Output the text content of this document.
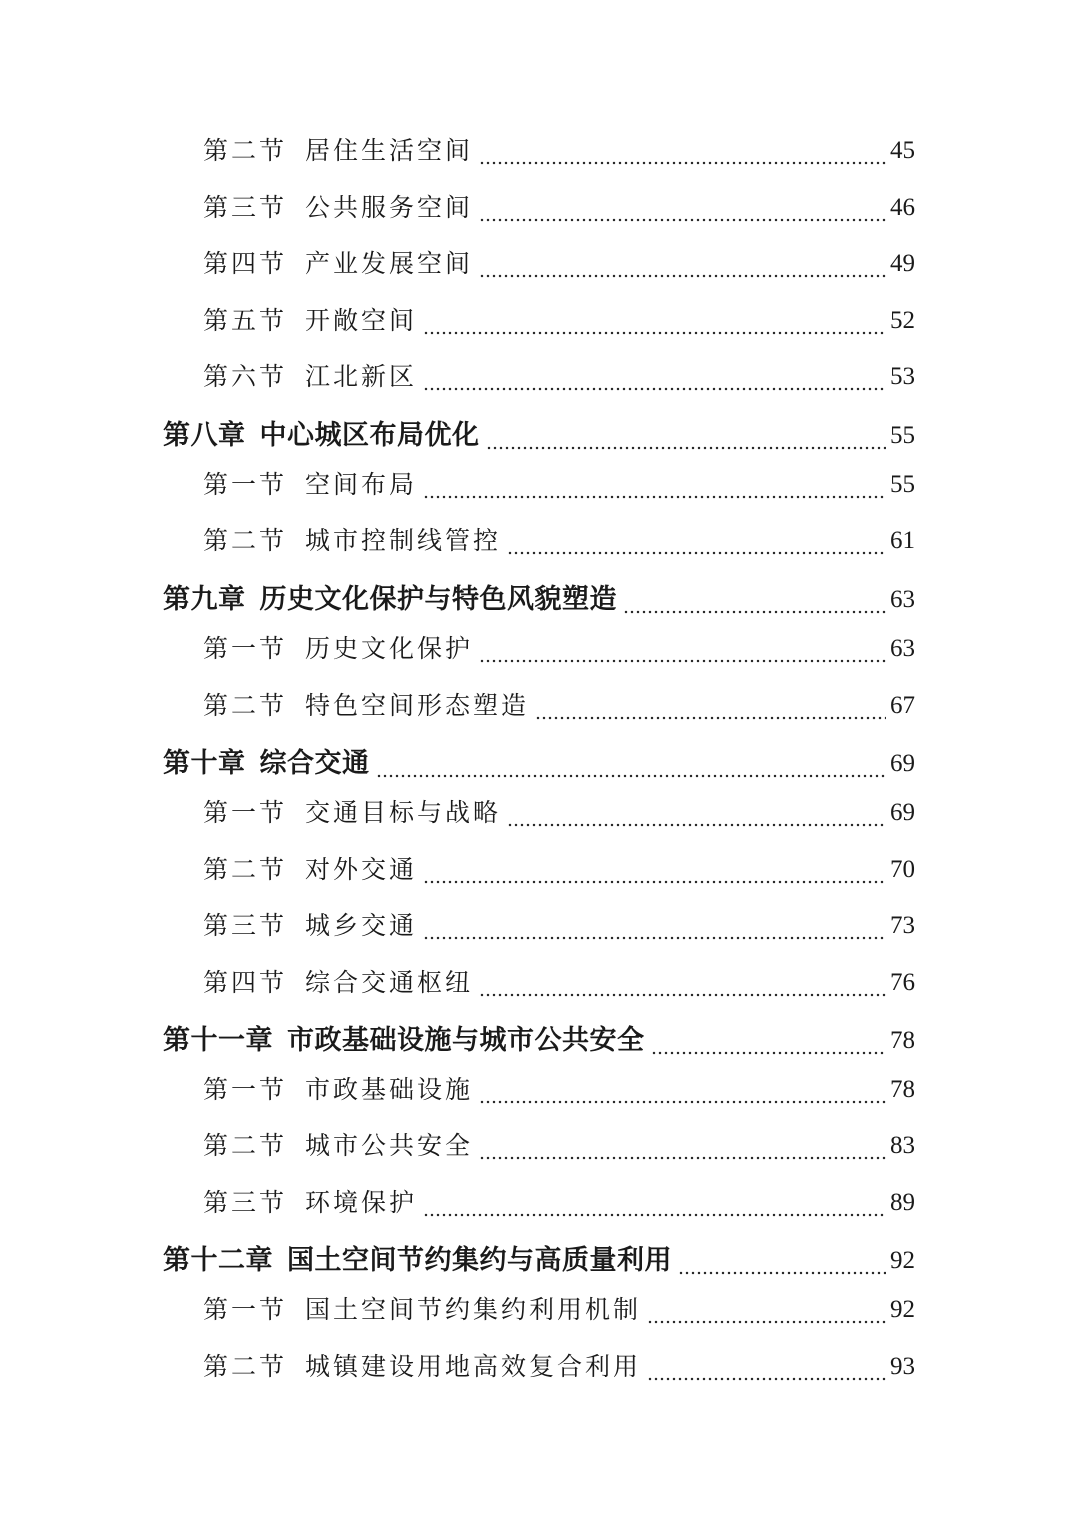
第二节 居住生活空间	45
第三节 公共服务空间	46
第四节 产业发展空间	49
第五节 开敞空间	52
第六节 江北新区	53
第八章 中心城区布局优化	55
第一节 空间布局	55
第二节 城市控制线管控	61
第九章 历史文化保护与特色风貌塑造	63
第一节 历史文化保护	63
第二节 特色空间形态塑造	67
第十章 综合交通	69
第一节 交通目标与战略	69
第二节 对外交通	70
第三节 城乡交通	73
第四节 综合交通枢纽	76
第十一章 市政基础设施与城市公共安全	78
第一节 市政基础设施	78
第二节 城市公共安全	83
第三节 环境保护	89
第十二章 国土空间节约集约与高质量利用	92
第一节 国土空间节约集约利用机制	92
第二节 城镇建设用地高效复合利用	93
